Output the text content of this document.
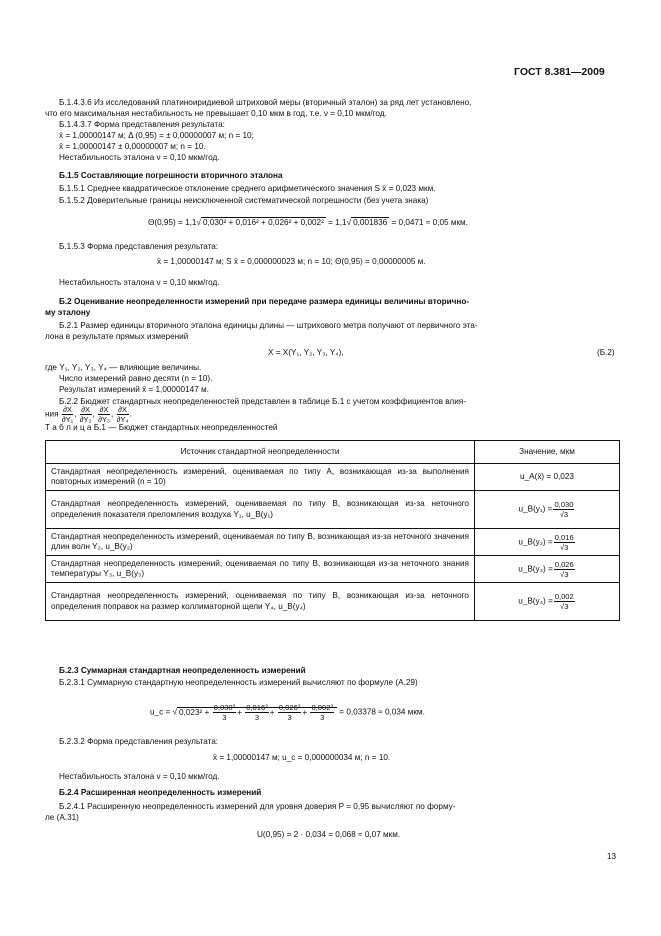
ГОСТ 8.381—2009
Б.1.4.3.6 Из исследований платиноиридиевой штриховой меры (вторичный эталон) за ряд лет установлено,
что его максимальная нестабильность не превышает 0,10 мкм в год, т.е. ν = 0,10 мкм/год.
Б.1.4.3.7 Форма представления результата:
x̄ = 1,00000147 м; Δ (0,95) = ± 0,00000007 м; n = 10;
x̄ = 1,00000147 ± 0,00000007 м; n = 10.
Нестабильность эталона ν = 0,10 мкм/год.
Б.1.5 Составляющие погрешности вторичного эталона
Б.1.5.1 Среднее квадратическое отклонение среднего арифметического значения S x̄ = 0,023 мкм.
Б.1.5.2 Доверительные границы неисключенной систематической погрешности (без учета знака)
Θ(0,95) = 1,1√ 0,030² + 0,016² + 0,026² + 0,002² = 1,1√ 0,001836 = 0,0471 ≈ 0,05 мкм.
Б.1.5.3 Форма представления результата:
x̄ = 1,00000147 м; S x̄ = 0,000000023 м; n = 10; Θ(0,95) = 0,00000005 м.
Нестабильность эталона ν = 0,10 мкм/год.
Б.2 Оценивание неопределенности измерений при передаче размера единицы величины вторично-
му эталону
Б.2.1 Размер единицы вторичного эталона единицы длины — штрихового метра получают от первичного эта-
лона в результате прямых измерений
X = X(Y₁, Y₂, Y₃, Y₄),	(Б.2)
где Y₁, Y₂, Y₃, Y₄ — влияющие величины.
Число измерений равно десяти (n = 10).
Результат измерений x̄ = 1,00000147 м.
Б.2.2 Бюджет стандартных неопределенностей представлен в таблице Б.1 с учетом коэффициентов влия-
ния $\frac{\partial X}{\text{∂Y₁}}$ , $\frac{\partial X}{\text{∂Y₂}}$ , $\frac{\partial X}{\text{∂Y₃}}$ , $\frac{\partial X}{\text{∂Y₄}}$ .
Т а б л и ц а Б.1 — Бюджет стандартных неопределенностей
Источник стандартной неопределенности	Значение, мкм
Стандартная неопределенность измерений, оцениваемая по типу А, возникающая из-за выполнения повторных измерений (n = 10)	u_A(x̄) = 0,023
Стандартная неопределенность измерений, оцениваемая по типу В, возникающая из-за неточного определения показателя преломления воздуха Y₁, u_B(y₁)	u_B(y₁) = $\frac{0,030}{√3}$

Стандартная неопределенность измерений, оцениваемая по типу В, возникающая из-за неточного значения длин волн Y₂, u_B(y₂)	u_B(y₂) = $\frac{0,016}{√3}$

Стандартная неопределенность измерений, оцениваемая по типу В, возникающая из-за неточного знания температуры Y₃, u_B(y₃)	u_B(y₃) = $\frac{0,026}{√3}$

Стандартная неопределенность измерений, оцениваемая по типу В, возникающая из-за неточного определения поправок на размер коллиматорной щели Y₄, u_B(y₄)	u_B(y₄) = $\frac{0,002}{√3}$
Б.2.3 Суммарная стандартная неопределенность измерений
Б.2.3.1 Суммарную стандартную неопределенность измерений вычисляют по формуле (А.29)
u_c = √ $0,023^2 + \frac{\text{0,030²}}{3} + \frac{\text{0,016²}}{3} + \frac{\text{0,026²}}{3} + \frac{\text{0,002²}}{3} = 0,03378 \approx 0,034$ мкм.
Б.2.3.2 Форма представления результата:
x̄ = 1,00000147 м; u_c = 0,000000034 м; n = 10.
Нестабильность эталона ν = 0,10 мкм/год.
Б.2.4 Расширенная неопределенность измерений
Б.2.4.1 Расширенную неопределенность измерений для уровня доверия P = 0,95 вычисляют по форму-
ле (А.31)
U(0,95) = 2 · 0,034 = 0,068 ≈ 0,07 мкм.
13
